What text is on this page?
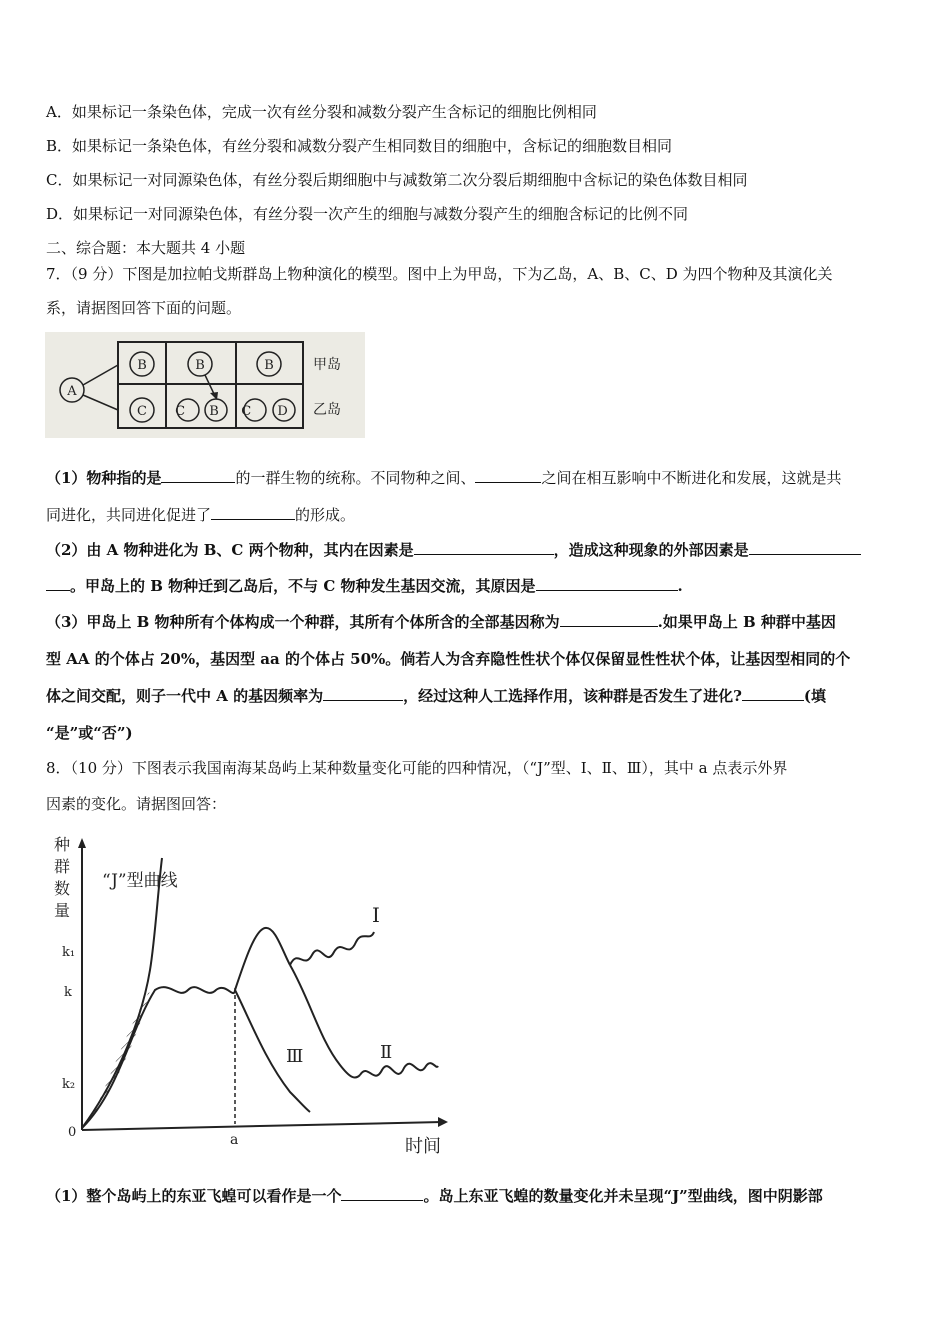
A．如果标记一条染色体，完成一次有丝分裂和减数分裂产生含标记的细胞比例相同
B．如果标记一条染色体，有丝分裂和减数分裂产生相同数目的细胞中，含标记的细胞数目相同
C．如果标记一对同源染色体，有丝分裂后期细胞中与减数第二次分裂后期细胞中含标记的染色体数目相同
D．如果标记一对同源染色体，有丝分裂一次产生的细胞与减数分裂产生的细胞含标记的比例不同
二、综合题：本大题共 4 小题
7．（9 分）下图是加拉帕戈斯群岛上物种演化的模型。图中上为甲岛，下为乙岛，A、B、C、D 为四个物种及其演化关
系，请据图回答下面的问题。
A
B	B	B
C C B C D
甲岛
乙岛
（1）物种指的是	的一群生物的统称。不同物种之间、	之间在相互影响中不断进化和发展，这就是共
同进化，共同进化促进了	的形成。
（2）由 A 物种进化为 B、C 两个物种，其内在因素是	，造成这种现象的外部因素是
。甲岛上的 B 物种迁到乙岛后，不与 C 物种发生基因交流，其原因是	.
（3）甲岛上 B 物种所有个体构成一个种群，其所有个体所含的全部基因称为	.如果甲岛上 B 种群中基因
型 AA 的个体占 20%，基因型 aa 的个体占 50%。倘若人为含弃隐性性状个体仅保留显性性状个体，让基因型相同的个
体之间交配，则子一代中 A 的基因频率为	，经过这种人工选择作用，该种群是否发生了进化?	(填
“是”或“否”)
8．（10 分）下图表示我国南海某岛屿上某种数量变化可能的四种情况，（“J”型、Ⅰ、Ⅱ、Ⅲ），其中 a 点表示外界
因素的变化。请据图回答：
种
群
数
量
k₁
k
k₂
0	a	时间
“J”型曲线
Ⅰ
Ⅱ
Ⅲ
（1）整个岛屿上的东亚飞蝗可以看作是一个	。岛上东亚飞蝗的数量变化并未呈现“J”型曲线，图中阴影部
